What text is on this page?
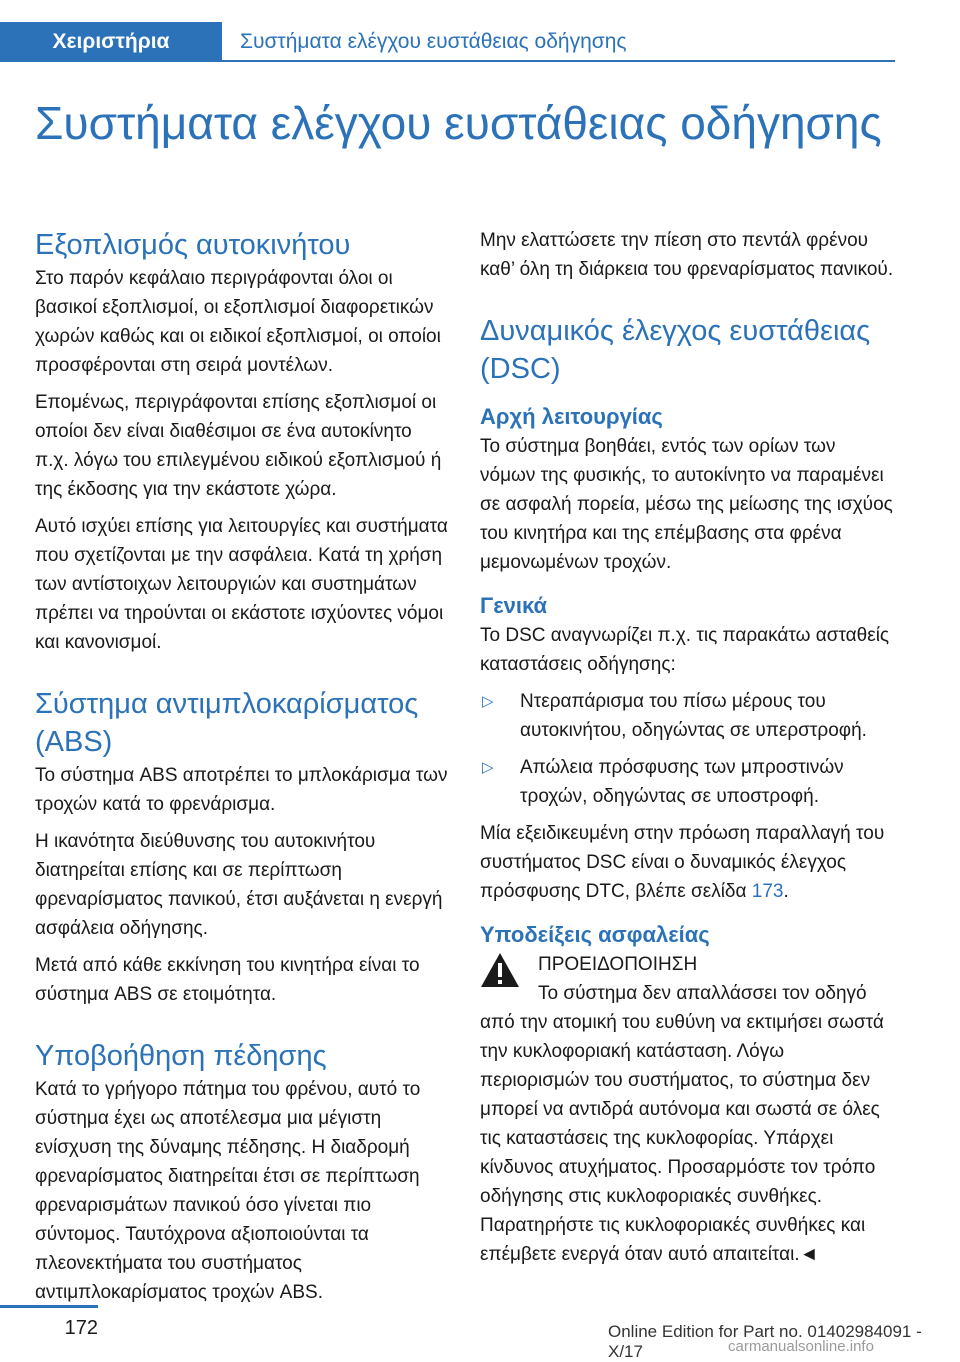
Χειριστήρια	Συστήματα ελέγχου ευστάθειας οδήγησης
Συστήματα ελέγχου ευστάθειας οδήγησης
Εξοπλισμός αυτοκινήτου

Στο παρόν κεφάλαιο περιγράφονται όλοι οι βασικοί εξοπλισμοί, οι εξοπλισμοί διαφορετικών χωρών καθώς και οι ειδικοί εξοπλισμοί, οι οποίοι προσφέρονται στη σειρά μοντέλων.

Επομένως, περιγράφονται επίσης εξοπλισμοί οι οποίοι δεν είναι διαθέσιμοι σε ένα αυτοκίνητο π.χ. λόγω του επιλεγμένου ειδικού εξοπλισμού ή της έκδοσης για την εκάστοτε χώρα.

Αυτό ισχύει επίσης για λειτουργίες και συστήματα που σχετίζονται με την ασφάλεια. Κατά τη χρήση των αντίστοιχων λειτουργιών και συστημάτων πρέπει να τηρούνται οι εκάστοτε ισχύοντες νόμοι και κανονισμοί.

Σύστημα αντιμπλοκαρίσματος (ABS)

Το σύστημα ABS αποτρέπει το μπλοκάρισμα των τροχών κατά το φρενάρισμα.

Η ικανότητα διεύθυνσης του αυτοκινήτου διατηρείται επίσης και σε περίπτωση φρεναρίσματος πανικού, έτσι αυξάνεται η ενεργή ασφάλεια οδήγησης.

Μετά από κάθε εκκίνηση του κινητήρα είναι το σύστημα ABS σε ετοιμότητα.

Υποβοήθηση πέδησης

Κατά το γρήγορο πάτημα του φρένου, αυτό το σύστημα έχει ως αποτέλεσμα μια μέγιστη ενίσχυση της δύναμης πέδησης. Η διαδρομή φρεναρίσματος διατηρείται έτσι σε περίπτωση φρεναρισμάτων πανικού όσο γίνεται πιο σύντομος. Ταυτόχρονα αξιοποιούνται τα πλεονεκτήματα του συστήματος αντιμπλοκαρίσματος τροχών ABS.

Μην ελαττώσετε την πίεση στο πεντάλ φρένου καθ’ όλη τη διάρκεια του φρεναρίσματος πανικού.

Δυναμικός έλεγχος ευστάθειας (DSC)
Αρχή λειτουργίας

Το σύστημα βοηθάει, εντός των ορίων των νόμων της φυσικής, το αυτοκίνητο να παραμένει σε ασφαλή πορεία, μέσω της μείωσης της ισχύος του κινητήρα και της επέμβασης στα φρένα μεμονωμένων τροχών.

Γενικά

Το DSC αναγνωρίζει π.χ. τις παρακάτω ασταθείς καταστάσεις οδήγησης:

▷ Ντεραπάρισμα του πίσω μέρους του αυτοκινήτου, οδηγώντας σε υπερστροφή.
▷ Απώλεια πρόσφυσης των μπροστινών τροχών, οδηγώντας σε υποστροφή.

Μία εξειδικευμένη στην πρόωση παραλλαγή του συστήματος DSC είναι ο δυναμικός έλεγχος πρόσφυσης DTC, βλέπε σελίδα 173.

Υποδείξεις ασφαλείας

ΠΡΟΕΙΔΟΠΟΙΗΣΗ

Το σύστημα δεν απαλλάσσει τον οδηγό από την ατομική του ευθύνη να εκτιμήσει σωστά την κυκλοφοριακή κατάσταση. Λόγω περιορισμών του συστήματος, το σύστημα δεν μπορεί να αντιδρά αυτόνομα και σωστά σε όλες τις καταστάσεις της κυκλοφορίας. Υπάρχει κίνδυνος ατυχήματος. Προσαρμόστε τον τρόπο οδήγησης στις κυκλοφοριακές συνθήκες. Παρατηρήστε τις κυκλοφοριακές συνθήκες και επέμβετε ενεργά όταν αυτό απαιτείται.◄

172	Online Edition for Part no. 01402984091 - X/17	carmanualsonline.info
